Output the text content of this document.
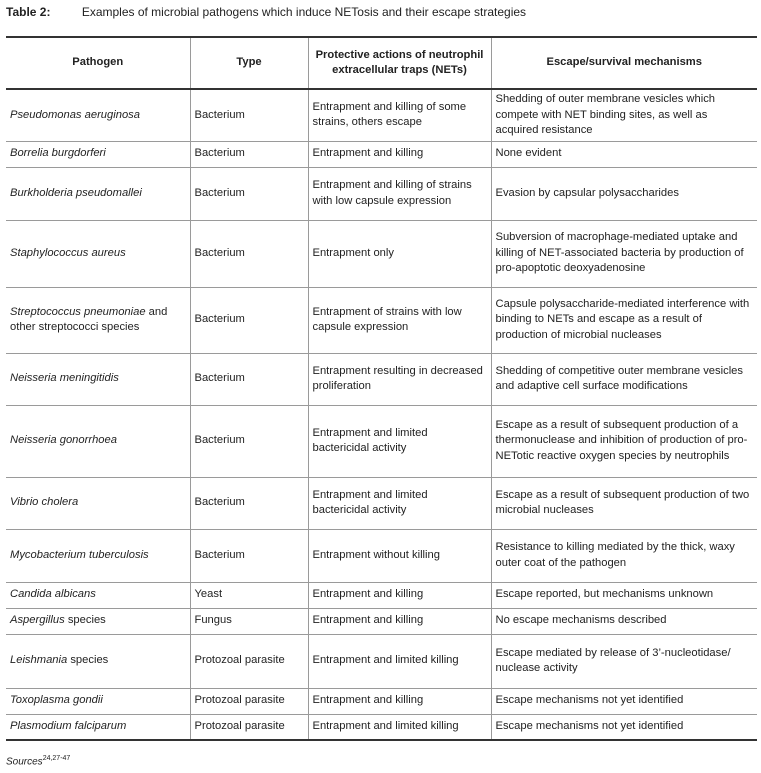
Table 2:	Examples of microbial pathogens which induce NETosis and their escape strategies
Pathogen	Type	Protective actions of neutrophil extracellular traps (NETs)	Escape/survival mechanisms
Pseudomonas aeruginosa	Bacterium	Entrapment and killing of some strains, others escape	Shedding of outer membrane vesicles which compete with NET binding sites, as well as acquired resistance
Borrelia burgdorferi	Bacterium	Entrapment and killing	None evident
Burkholderia pseudomallei	Bacterium	Entrapment and killing of strains with low capsule expression	Evasion by capsular polysaccharides
Staphylococcus aureus	Bacterium	Entrapment only	Subversion of macrophage-mediated uptake and killing of NET-associated bacteria by production of pro-apoptotic deoxyadenosine
Streptococcus pneumoniae and other streptococci species	Bacterium	Entrapment of strains with low capsule expression	Capsule polysaccharide-mediated interference with binding to NETs and escape as a result of production of microbial nucleases
Neisseria meningitidis	Bacterium	Entrapment resulting in decreased proliferation	Shedding of competitive outer membrane vesicles and adaptive cell surface modifications
Neisseria gonorrhoea	Bacterium	Entrapment and limited bactericidal activity	Escape as a result of subsequent production of a thermonuclease and inhibition of production of pro-NETotic reactive oxygen species by neutrophils
Vibrio cholera	Bacterium	Entrapment and limited bactericidal activity	Escape as a result of subsequent production of two microbial nucleases
Mycobacterium tuberculosis	Bacterium	Entrapment without killing	Resistance to killing mediated by the thick, waxy outer coat of the pathogen
Candida albicans	Yeast	Entrapment and killing	Escape reported, but mechanisms unknown
Aspergillus species	Fungus	Entrapment and killing	No escape mechanisms described
Leishmania species	Protozoal parasite	Entrapment and limited killing	Escape mediated by release of 3’-nucleotidase/ nuclease activity
Toxoplasma gondii	Protozoal parasite	Entrapment and killing	Escape mechanisms not yet identified
Plasmodium falciparum	Protozoal parasite	Entrapment and limited killing	Escape mechanisms not yet identified
Sources$^{24,27-47}$
